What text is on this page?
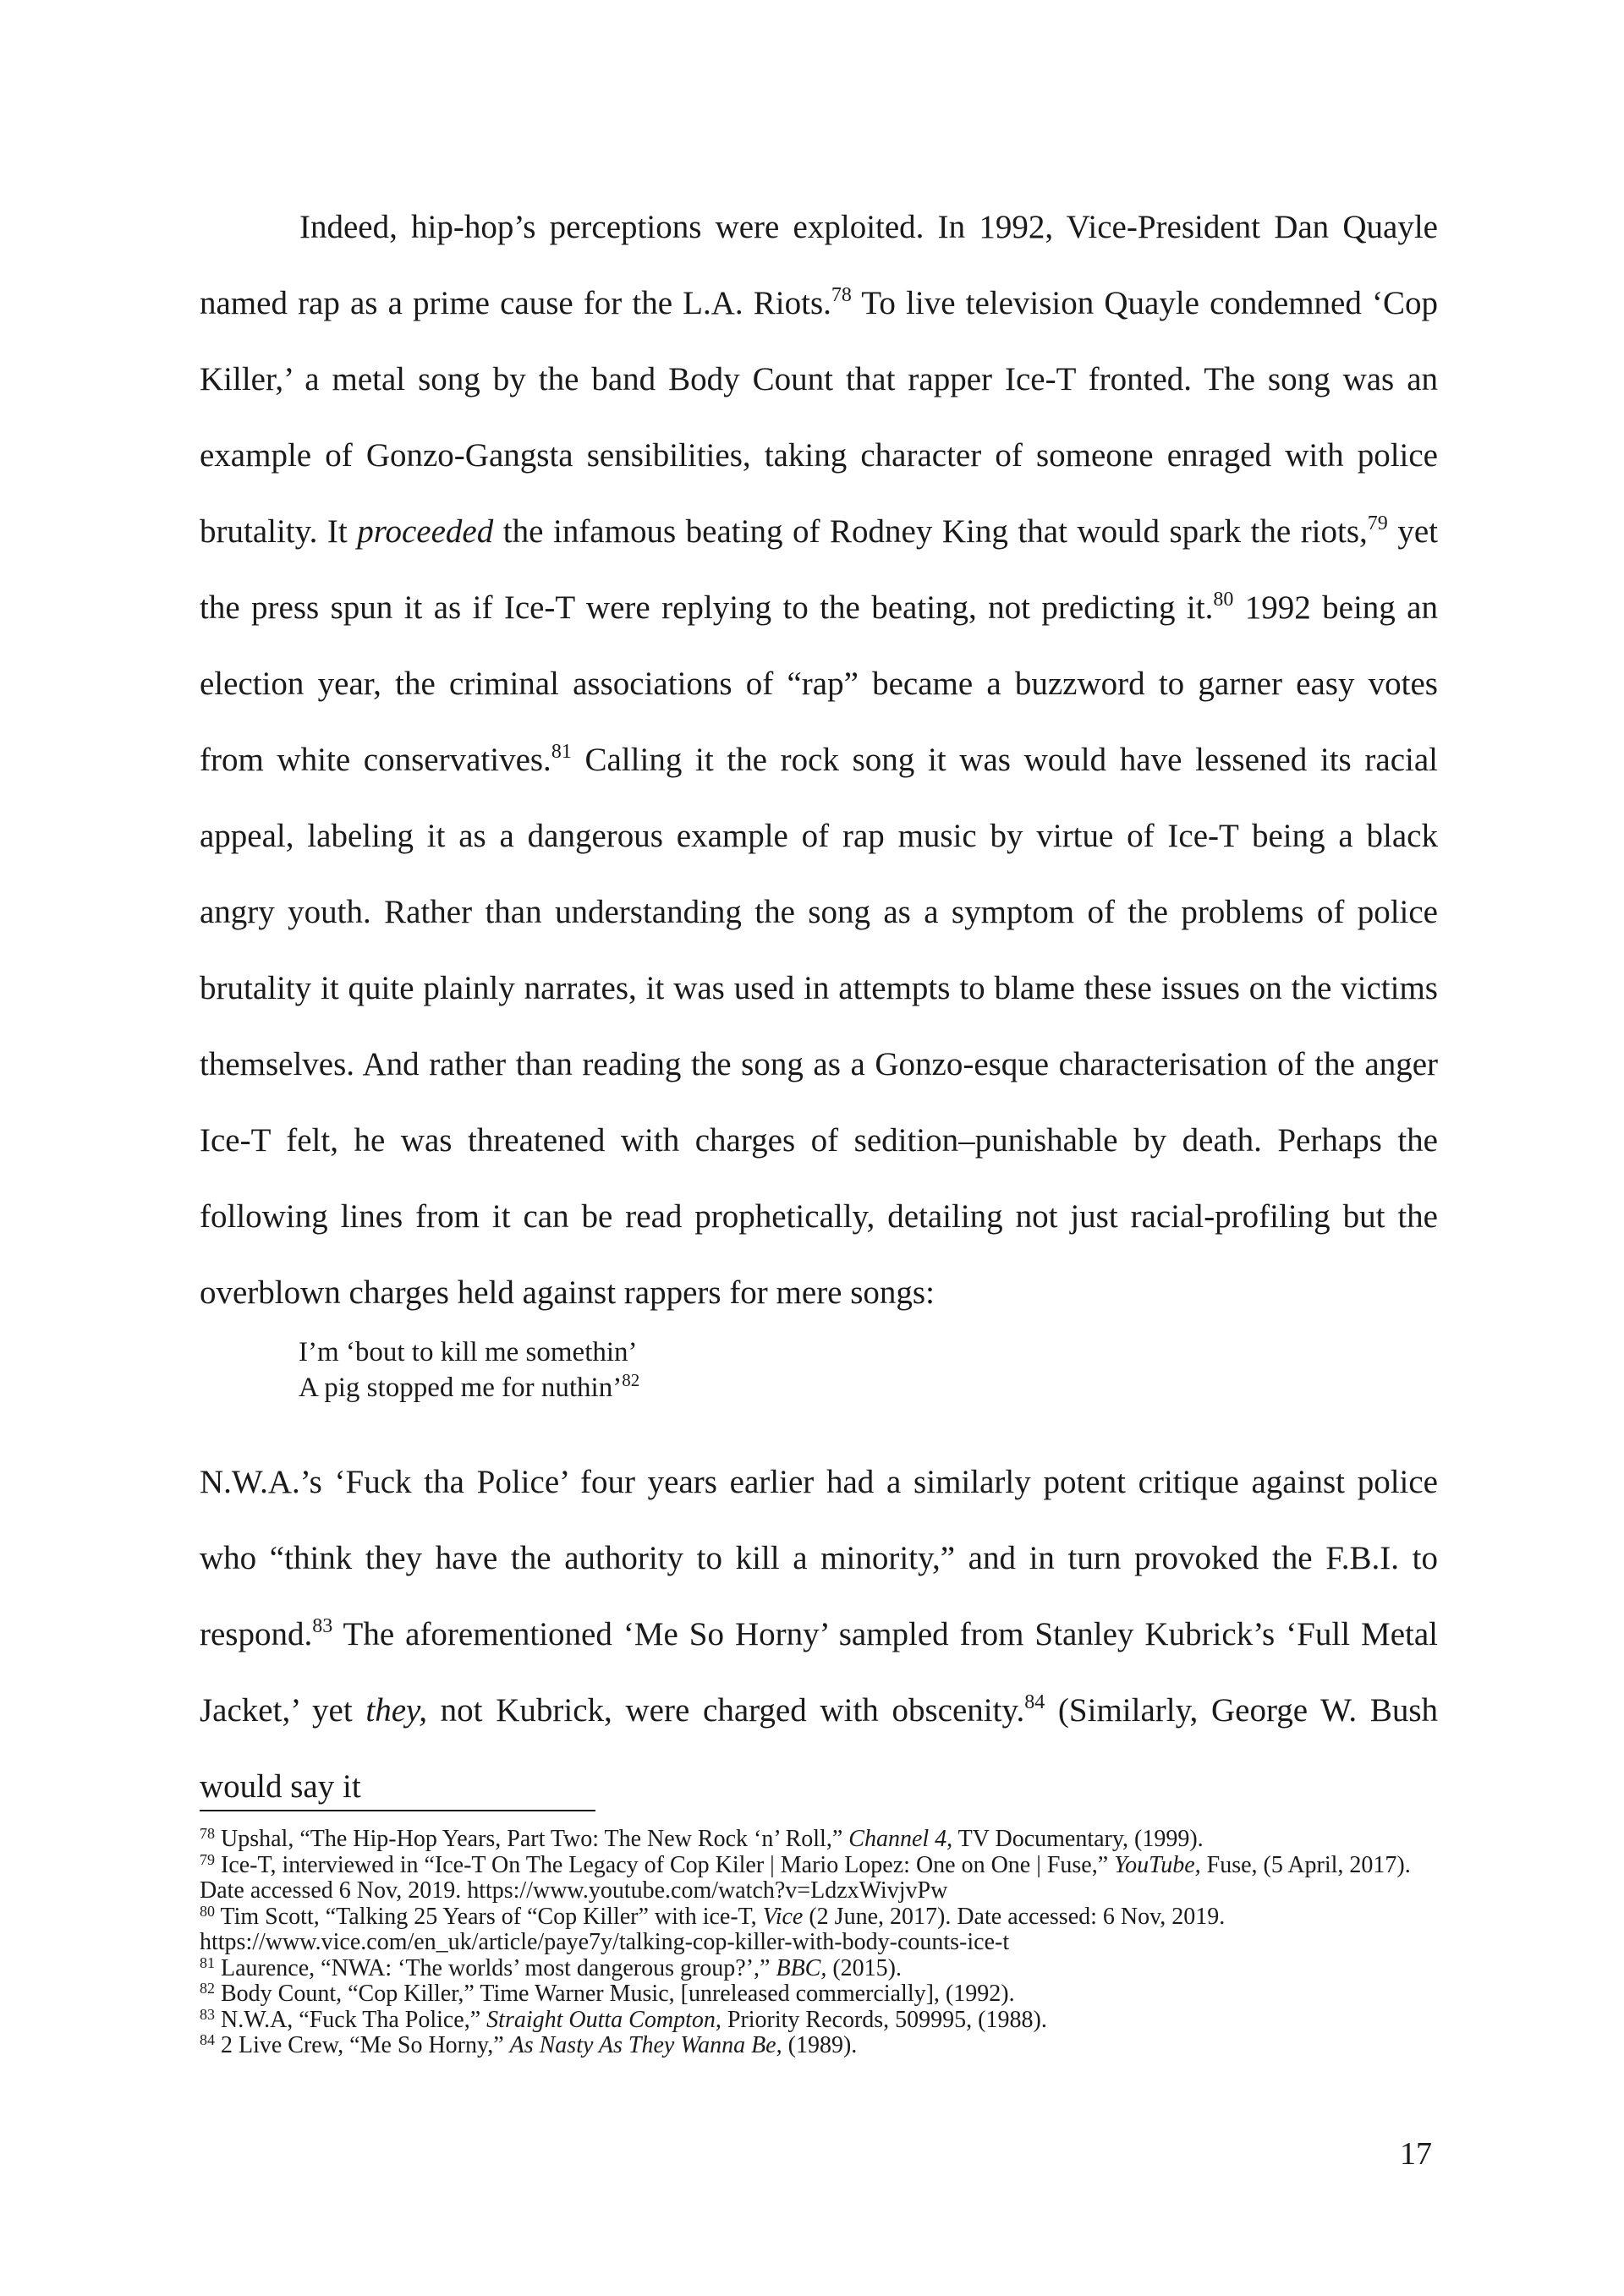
Indeed, hip-hop’s perceptions were exploited. In 1992, Vice-President Dan Quayle named rap as a prime cause for the L.A. Riots.$^{78}$ To live television Quayle condemned ‘Cop Killer,’ a metal song by the band Body Count that rapper Ice-T fronted. The song was an example of Gonzo-Gangsta sensibilities, taking character of someone enraged with police brutality. It proceeded the infamous beating of Rodney King that would spark the riots,$^{79}$ yet the press spun it as if Ice-T were replying to the beating, not predicting it.$^{80}$ 1992 being an election year, the criminal associations of “rap” became a buzzword to garner easy votes from white conservatives.$^{81}$ Calling it the rock song it was would have lessened its racial appeal, labeling it as a dangerous example of rap music by virtue of Ice-T being a black angry youth. Rather than understanding the song as a symptom of the problems of police brutality it quite plainly narrates, it was used in attempts to blame these issues on the victims themselves. And rather than reading the song as a Gonzo-esque characterisation of the anger Ice-T felt, he was threatened with charges of sedition–punishable by death. Perhaps the following lines from it can be read prophetically, detailing not just racial-profiling but the overblown charges held against rappers for mere songs:

I’m ‘bout to kill me somethin’
A pig stopped me for nuthin’$^{82}$

N.W.A.’s ‘Fuck tha Police’ four years earlier had a similarly potent critique against police who “think they have the authority to kill a minority,” and in turn provoked the F.B.I. to respond.$^{83}$ The aforementioned ‘Me So Horny’ sampled from Stanley Kubrick’s ‘Full Metal Jacket,’ yet they, not Kubrick, were charged with obscenity.$^{84}$ (Similarly, George W. Bush would say it

$^{78}$ Upshal, “The Hip-Hop Years, Part Two: The New Rock ‘n’ Roll,” Channel 4, TV Documentary, (1999).
$^{79}$ Ice-T, interviewed in “Ice-T On The Legacy of Cop Kiler | Mario Lopez: One on One | Fuse,” YouTube, Fuse, (5 April, 2017). Date accessed 6 Nov, 2019. https://www.youtube.com/watch?v=LdzxWivjvPw
$^{80}$ Tim Scott, “Talking 25 Years of “Cop Killer” with ice-T, Vice (2 June, 2017). Date accessed: 6 Nov, 2019. https://www.vice.com/en_uk/article/paye7y/talking-cop-killer-with-body-counts-ice-t
$^{81}$ Laurence, “NWA: ‘The worlds’ most dangerous group?’,” BBC, (2015).
$^{82}$ Body Count, “Cop Killer,” Time Warner Music, [unreleased commercially], (1992).
$^{83}$ N.W.A, “Fuck Tha Police,” Straight Outta Compton, Priority Records, 509995, (1988).
$^{84}$ 2 Live Crew, “Me So Horny,” As Nasty As They Wanna Be, (1989).
17
